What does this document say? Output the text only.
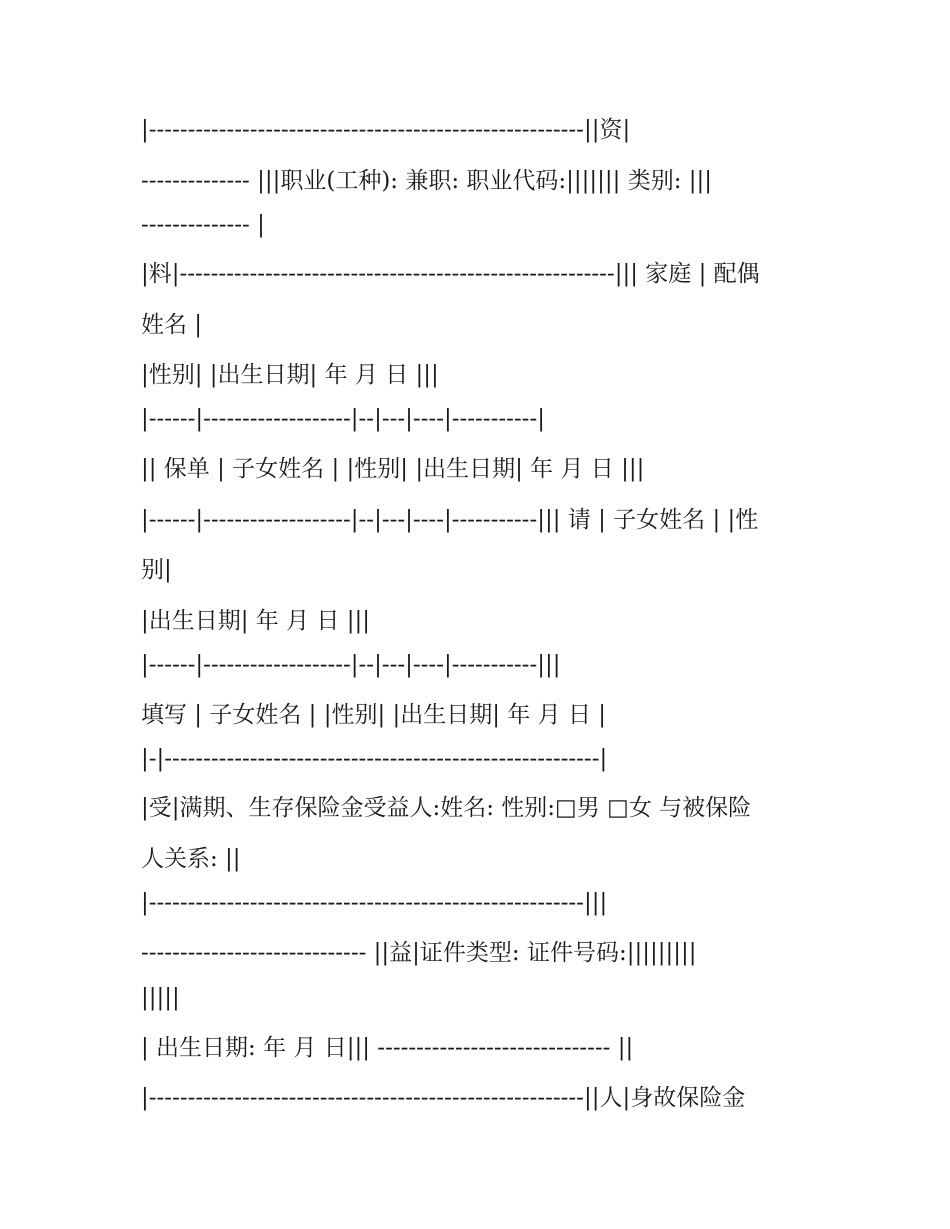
|--------------------------------------------------------||资|
-------------- |||职业(工种): 兼职: 职业代码:||||||| 类别: |||
-------------- |
|料|--------------------------------------------------------||| 家庭 | 配偶
姓名 |
|性别| |出生日期| 年 月 日 |||
|------|-------------------|--|---|----|-----------|
|| 保单 | 子女姓名 | |性别| |出生日期| 年 月 日 |||
|------|-------------------|--|---|----|-----------||| 请 | 子女姓名 | |性
别|
|出生日期| 年 月 日 |||
|------|-------------------|--|---|----|-----------|||
填写 | 子女姓名 | |性别| |出生日期| 年 月 日 |
|-|--------------------------------------------------------|
|受|满期、生存保险金受益人:姓名: 性别:□男 □女 与被保险
人关系: ||
|--------------------------------------------------------|||
----------------------------- ||益|证件类型: 证件号码:|||||||||
|||||
| 出生日期: 年 月 日||| ------------------------------ ||
|--------------------------------------------------------||人|身故保险金
